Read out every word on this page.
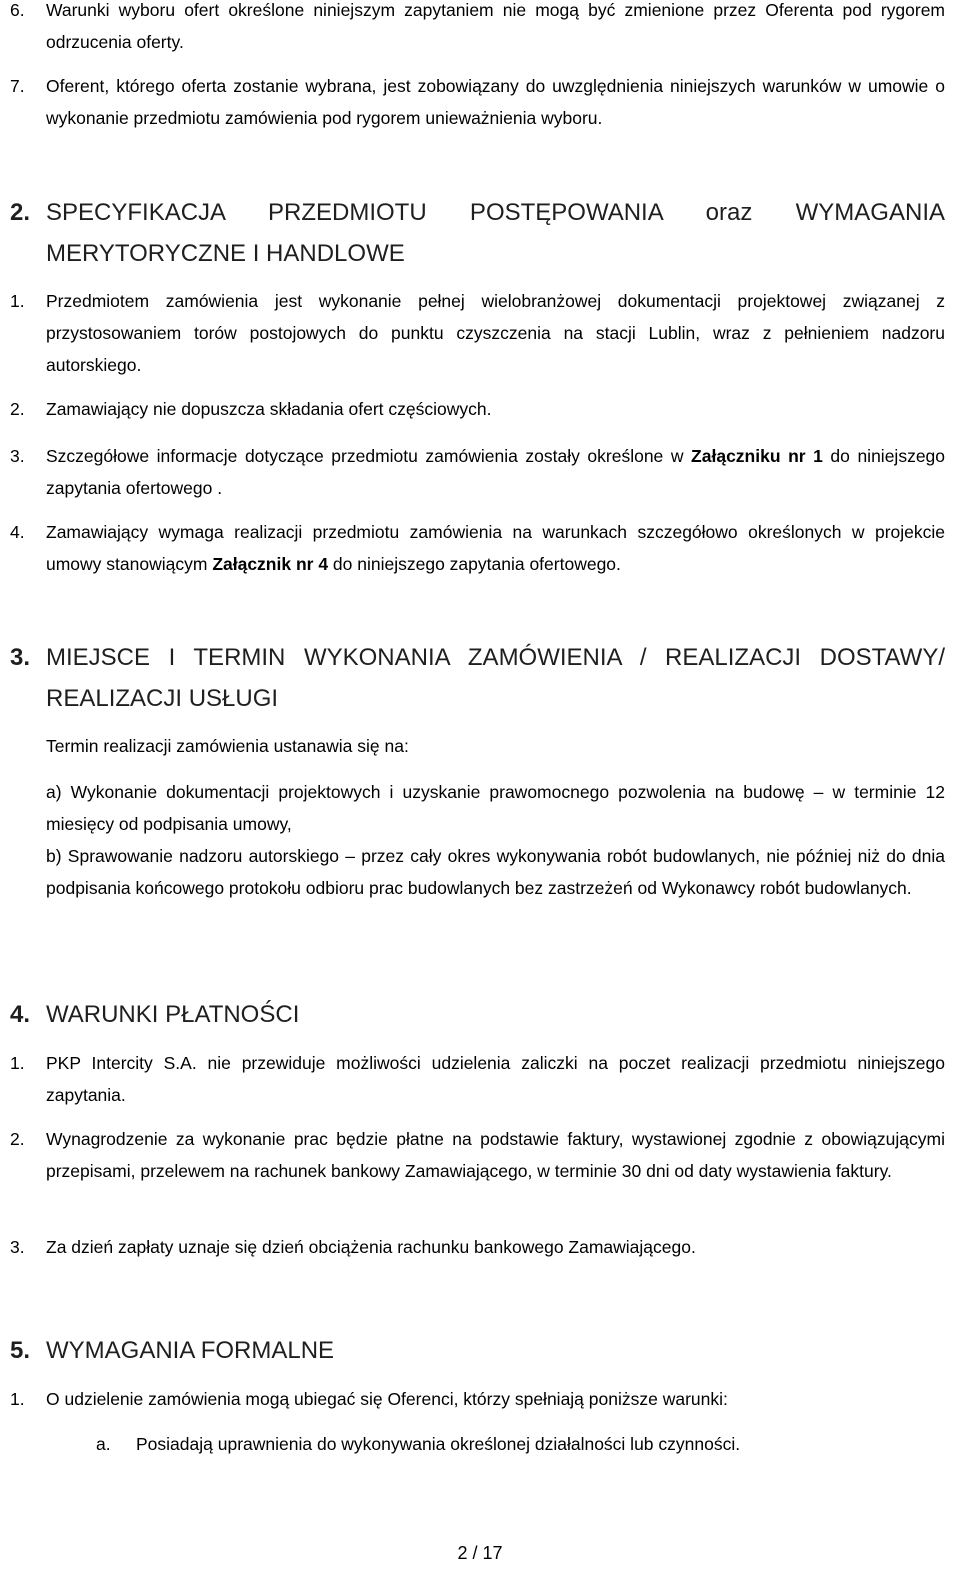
6. Warunki wyboru ofert określone niniejszym zapytaniem nie mogą być zmienione przez Oferenta pod rygorem odrzucenia oferty.
7. Oferent, którego oferta zostanie wybrana, jest zobowiązany do uwzględnienia niniejszych warunków w umowie o wykonanie przedmiotu zamówienia pod rygorem unieważnienia wyboru.
2. SPECYFIKACJA PRZEDMIOTU POSTĘPOWANIA oraz WYMAGANIA MERYTORYCZNE I HANDLOWE
1. Przedmiotem zamówienia jest wykonanie pełnej wielobranżowej dokumentacji projektowej związanej z przystosowaniem torów postojowych do punktu czyszczenia na stacji Lublin, wraz z pełnieniem nadzoru autorskiego.
2. Zamawiający nie dopuszcza składania ofert częściowych.
3. Szczegółowe informacje dotyczące przedmiotu zamówienia zostały określone w Załączniku nr 1 do niniejszego zapytania ofertowego .
4. Zamawiający wymaga realizacji przedmiotu zamówienia na warunkach szczegółowo określonych w projekcie umowy stanowiącym Załącznik nr 4 do niniejszego zapytania ofertowego.
3. MIEJSCE I TERMIN WYKONANIA ZAMÓWIENIA / REALIZACJI DOSTAWY/ REALIZACJI USŁUGI
Termin realizacji zamówienia ustanawia się na:
a) Wykonanie dokumentacji projektowych i uzyskanie prawomocnego pozwolenia na budowę – w terminie 12 miesięcy od podpisania umowy,
b) Sprawowanie nadzoru autorskiego – przez cały okres wykonywania robót budowlanych, nie później niż do dnia podpisania końcowego protokołu odbioru prac budowlanych bez zastrzeżeń od Wykonawcy robót budowlanych.
4. WARUNKI PŁATNOŚCI
1. PKP Intercity S.A. nie przewiduje możliwości udzielenia zaliczki na poczet realizacji przedmiotu niniejszego zapytania.
2. Wynagrodzenie za wykonanie prac będzie płatne na podstawie faktury, wystawionej zgodnie z obowiązującymi przepisami, przelewem na rachunek bankowy Zamawiającego, w terminie 30 dni od daty wystawienia faktury.
3. Za dzień zapłaty uznaje się dzień obciążenia rachunku bankowego Zamawiającego.
5. WYMAGANIA FORMALNE
1. O udzielenie zamówienia mogą ubiegać się Oferenci, którzy spełniają poniższe warunki:
a. Posiadają uprawnienia do wykonywania określonej działalności lub czynności.
2 / 17
